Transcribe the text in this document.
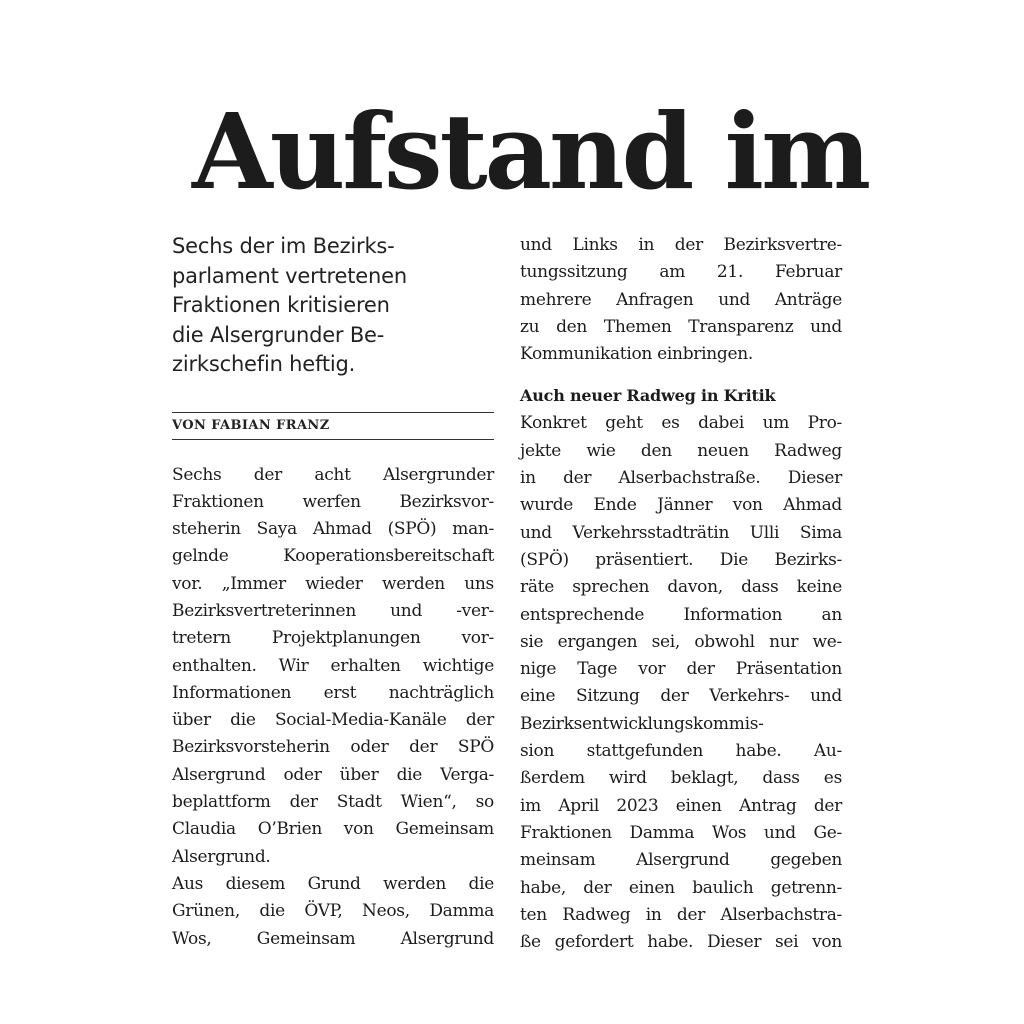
Aufstand im
Sechs der im Bezirks-
parlament vertretenen
Fraktionen kritisieren
die Alsergrunder Be-
zirkschefin heftig.
VON FABIAN FRANZ
Sechs der acht Alsergrunder
Fraktionen werfen Bezirksvor-
steherin Saya Ahmad (SPÖ) man-
gelnde Kooperationsbereitschaft
vor. „Immer wieder werden uns
Bezirksvertreterinnen und -ver-
tretern Projektplanungen vor-
enthalten. Wir erhalten wichtige
Informationen erst nachträglich
über die Social-Media-Kanäle der
Bezirksvorsteherin oder der SPÖ
Alsergrund oder über die Verga-
beplattform der Stadt Wien“, so
Claudia O’Brien von Gemeinsam
Alsergrund.
Aus diesem Grund werden die
Grünen, die ÖVP, Neos, Damma
Wos, Gemeinsam Alsergrund
und Links in der Bezirksvertre-
tungssitzung am 21. Februar
mehrere Anfragen und Anträge
zu den Themen Transparenz und
Kommunikation einbringen.
Auch neuer Radweg in Kritik
Konkret geht es dabei um Pro-
jekte wie den neuen Radweg
in der Alserbachstraße. Dieser
wurde Ende Jänner von Ahmad
und Verkehrsstadträtin Ulli Sima
(SPÖ) präsentiert. Die Bezirks-
räte sprechen davon, dass keine
entsprechende Information an
sie ergangen sei, obwohl nur we-
nige Tage vor der Präsentation
eine Sitzung der Verkehrs- und
Bezirksentwicklungskommis-
sion stattgefunden habe. Au-
ßerdem wird beklagt, dass es
im April 2023 einen Antrag der
Fraktionen Damma Wos und Ge-
meinsam Alsergrund gegeben
habe, der einen baulich getrenn-
ten Radweg in der Alserbachstra-
ße gefordert habe. Dieser sei von
